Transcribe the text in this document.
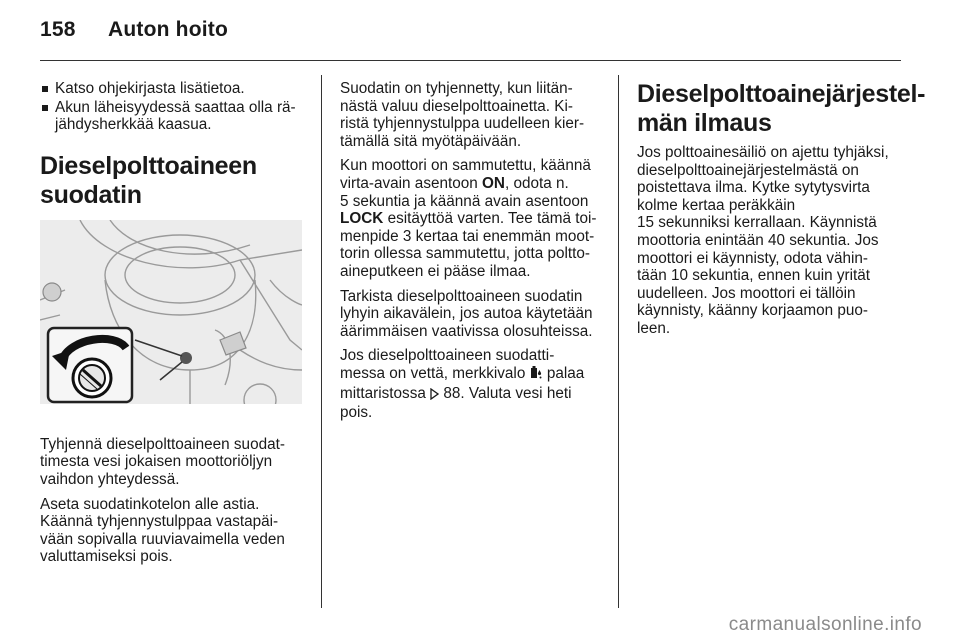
158 Auton hoito
Katso ohjekirjasta lisätietoa.
Akun läheisyydessä saattaa olla rä-
jähdysherkkää kaasua.
Dieselpolttoaineen
suodatin

Tyhjennä dieselpolttoaineen suodat-
timesta vesi jokaisen moottoriöljyn
vaihdon yhteydessä.

Aseta suodatinkotelon alle astia.
Käännä tyhjennystulppaa vastapäi-
vään sopivalla ruuviavaimella veden
valuttamiseksi pois.

Suodatin on tyhjennetty, kun liitän-
nästä valuu dieselpolttoainetta. Ki-
ristä tyhjennystulppa uudelleen kier-
tämällä sitä myötäpäivään.

Kun moottori on sammutettu, käännä
virta-avain asentoon ON, odota n.
5 sekuntia ja käännä avain asentoon
LOCK esitäyttöä varten. Tee tämä toi-
menpide 3 kertaa tai enemmän moot-
torin ollessa sammutettu, jotta poltto-
aineputkeen ei pääse ilmaa.

Tarkista dieselpolttoaineen suodatin
lyhyin aikavälein, jos autoa käytetään
äärimmäisen vaativissa olosuhteissa.

Jos dieselpolttoaineen suodatti-
messa on vettä, merkkivalo  palaa
mittaristossa  88. Valuta vesi heti
pois.

Dieselpolttoainejärjestel-
män ilmaus

Jos polttoainesäiliö on ajettu tyhjäksi,
dieselpolttoainejärjestelmästä on
poistettava ilma. Kytke sytytysvirta
kolme kertaa peräkkäin
15 sekunniksi kerrallaan. Käynnistä
moottoria enintään 40 sekuntia. Jos
moottori ei käynnisty, odota vähin-
tään 10 sekuntia, ennen kuin yrität
uudelleen. Jos moottori ei tällöin
käynnisty, käänny korjaamon puo-
leen.

carmanualsonline.info
